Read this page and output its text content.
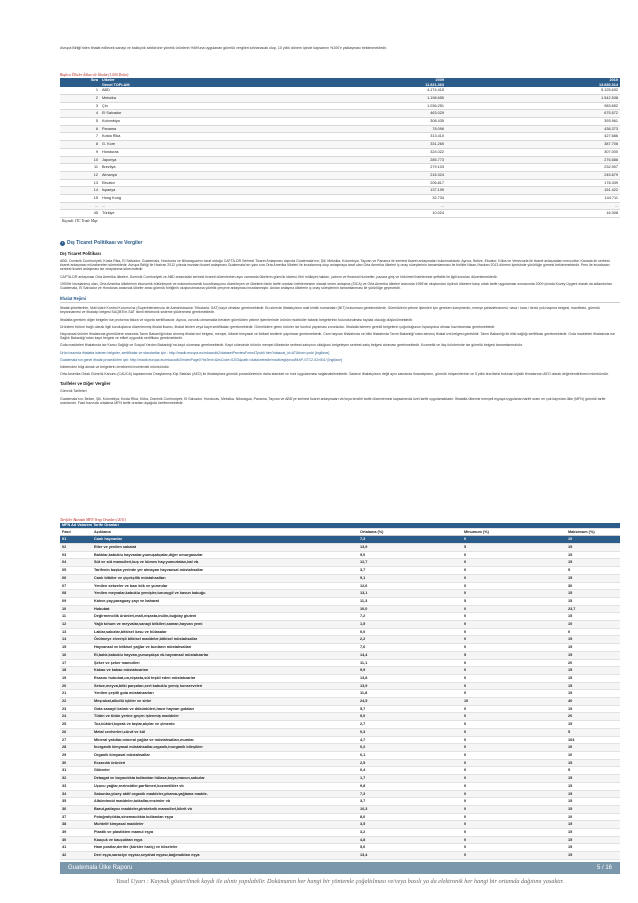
Avrupa Birliği'nden ithalat edilecek sanayi ve balıkçılık sektörüne yönelik ürünlerin %69'una uygulanan gümrük vergileri sıfırlanacak olup, 10 yıllık dönem içinde kapsamın %100'e yaklaşması beklenmektedir.

Başlıca Ülkeler İtibarı ile İthalat (1.000 Dolar)
Sıra	Ülkeler	2009	2010
	Genel TOPLAM	11.521.363	13.830.314
1	ABD	4.174.415	5.125.632
2	Meksika	1.198.655	1.542.538
3	Çin	1.036.251	983.652
4	El Salvador	463.029	675.572
5	Kolombiya	308.435	393.961
6	Panama	78.096	438.373
7	Kosta Rika	313.410	427.686
8	G. Kore	331.265	387.706
9	Honduras	324.022	307.000
10	Japonya	285.773	276.586
11	Brezilya	279.103	232.907
12	Almanya	216.324	245.679
13	Ekvator	206.817	178.339
14	İspanya	137.195	151.422
15	Hong Kong	32.734	144.711
...	...	...	...
45	Türkiye	10.024	16.308
Kaynak: ITC Trade Map			
› Dış Ticaret Politikası ve Vergiler
Dış Ticaret Politikası

ABD, Dominik Cumhuriyeti, Kosta Rika, El Salvador, Guatemala, Honduras ve Nikaragua'nın taraf olduğu CAFTA-DR Serbest Ticaret Anlaşması dışında Guatemala'nın; Şili, Meksika, Kolombiya, Tayvan ve Panama ile serbest ticaret anlaşmaları bulunmaktadır. Ayrıca, Belize, Ekvator, Küba ve Venezuela ile ticaret anlaşmaları mevcuttur. Kanada ile serbest ticaret anlaşması müzakereleri sürmektedir. Avrupa Birliği ile Haziran 2012 yılında imzalan ticaret anlaşması Guatemala'nın yanı sıra Orta Amerika ülkeleri ile imzalanmış olup anlaşmaya taraf olan Orta Amerika ülkeleri iç onay süreçlerinin tamamlanması ile birlikte Nisan-Haziran 2013 dönemi içerisinde yürürlüğe girmesi beklenmektedir. Peru ile imzalanan serbest ticaret anlaşması ise onaylanma sürecindedir.

CAFTA-DR anlaşması Orta Amerika ülkeleri, Dominik Cumhuriyeti ve ABD arasındaki serbest ticareti düzenlerken aynı zamanda ülkelerin gümrük idaresi, fikri mülkiyet hakları, yatırım ve finansal hizmetler, pazara giriş ve hükümet ihalelerinde şeffaflık ile ilgili konuları düzenlemektedir.

1993'te imzalanmış olan, Orta Amerika ülkelerinin ekonomik bütünleşme ve makroekonomik koordinasyonu düzenleyen ve ülkelerin farklı tarife oranları belirlemesine olanak veren anlaşma (SICA) ve Orta Amerika ülkeleri arasında 1998'de oluşturulan üçüncü ülkelere karşı ortak tarife uygulaması sonrasında 2009 yılında Kuzey Üçgeni olarak da adlandırılan Guatemala, El Salvador ve Honduras arasında ülkeler arası gümrük birliğinin oluşturulmasına yönelik çerçeve anlaşması imzalanmıştır. Anılan anlaşma ülkelerin iç onay süreçlerinin tamamlanması ile yürürlüğe geçecektir.

İthalat Rejimi

İthalat şirketlerinin, Mali İdare Kontrol Kurumu'na (Superintendencia de Administración Tributaria, SAT) kayıt olmaları gerekmektedir. Bu sürecte ithalatçıların mali kimlik numaraları (NIT) bulunması gerekmektedir. Gümrüklerin çekme işlemleri için gereken konşimento, menşe şahadetnamesi, hava / kara / deniz yolu taşıma belgesi, manifesto, gümrük beyannamesi ve ithalatçı belgesi SAQB'E/e-SAT isimli elektronik sisteme yüklenmesi gerekmektedir.

İthalatta gereken diğer belgeler ise proforma fatura ve sigorta sertifikasıdır. Ayrıca, zorunlu olmamakla beraber gümrükten çekme işlemlerinde ürünün moleküler tabanlı belgelerinin bulundurulması faydalı olacağı düşünülmektedir.

Ürünlerin türüne bağlı olarak ilgili kuruluşlarca düzenlenmiş ithalat lisansı, ithalat izinleri veya kayıt sertifikaları gerekmektedir. Gümrüklere gelen ürünler ise kontrol yapılması zorunludur. İthalatta istenen gerekli belgelerin çoğunluğunun İspanyolca olması hazırlanması gerekmektedir.

Hayvansal ürünler ithalatında gümrüklere arasında Tarım Bakanlığı'ndan alınmış ithalat izni belgesi, menşei, ülkede kimyasal ve fiziksel testlerin yapılması gerekmektedir. Cam hayvan ithalatında ve bitki ithalatında Tarım Bakanlığı'ndan alınmış ithalat izni belgesi gereklidir. Tarım Bakanlığı ile bitki sağlığı sertifikası gerekmektedir. Gıda maddeleri ithalatında ise Sağlık Bakanlığı'ndan kayıt belgesi ve etiket uygunluk sertifikası gerekmektedir.

Gıda maddeleri ithalatında ise Kamu Sağlığı ve Sosyal Yardım Bakanlığı'na kayıt olunması gerekmektedir. Kayıt sürecinde ürünün menşei ülkesinde serbest satışının olduğunu belgeleyen serbest satış belgesi alınması gerekmektedir. Kozmetik ve ilaç ürünlerinde ise gümrük belgesi tamamlanmalıdır.

Ürün bazında ithalatta istenen belgeler, sertifikalar ve standartlar için : http://madb.europa.eu/mkaccdb2/datasetPreviewFormATpubli.htm?datacat_id=AT&from=publ [ingilizce]

Guatemala'nın genel ithalat prosedürleri için: http://madb.europa.eu/mkaccdb2/indexPage0?hsText=&hsCode=0203&path=/data/website/madb/egt/prod/MAP-GT12-02v001/ [İngilizce]

İnklerinden bilgi almak ve belgelerin örneklerini incelemek mümkündür.

Orta Amerika Ortak Gümrük Kanunu (CAUCA) kapsamında Onaylanmış Kişi Statüsü (AEO) ile ithalatçılara gümrük prosedürlerinin daha standart ve hızlı uygulanması sağlanabilmektedir. Sadece ithalatçıların değil aynı zamanda ihracatçıların, gümrük müşavirlerinin ve 5 yıllık tecrübesi bulunan lojistik firmalarının AEO olarak değerlendirilmesi mümkündür.

Tarifeler ve Diğer Vergiler

Gümrük Tarifeleri

Guatemala'nın; Belize, Şili, Kolombiya, Kosta Rika, Küba, Dominik Cumhuriyeti, El Salvador, Honduras, Meksika, Nikaragua, Panama, Tayvan ve ABD'ye serbest ticaret anlaşmaları ve/veya tercihli tarife düzenlemesi kapsamında özel tarife uygulamaktadır. İthalatta ülkemiz menşeli eşyaya uygulanan tarife oranı en çok kayırılan ülke (MFN) gümrük tarife oranlarıdır. Fasıl bazında ortalama MFN tarife oranları aşağıda özetlenmektedir:

Tarifeler Bazında MFN Vergi Oranları (2011)
MFN Ad Valorem Tarife Oranları				
Fasıl	Açıklama	Ortalama (%)	Minumum (%)	Maksimum (%)
01	Canlı hayvanlar	7,3	0	10
02	Etler ve yenilen sakatat	13,9	5	15
03	Balıklar,kabuklu hayvanlar,yumuşakçalar,diğer omurgasızlar	9,0	0	15
04	Süt ve süt mamulleri,kuş ve kümes hay.yumurtaları,bal vb.	12,7	0	15
05	Tarifenin başka yerinde yer almayan hayvansal müstahsallar	3,7	0	5
06	Canlı bitkiler ve çiçekçilik müstahsalları	9,1	0	15
07	Yenilen sebzeler ve bazı kök ve yumrular	12,6	0	30
08	Yenilen meyvalar,kabuklu yemişler,turunçgil ve kavun kabuğu	13,1	0	15
09	Kahve,çay,paraguay çayı ve baharat	11,3	5	15
10	Hububat	10,0	0	23,7
11	Değirmencilik ürünleri,malt,nişasta,inülin,buğday gluteni	7,2	0	15
12	Yağlı tohum ve meyvalar,sanayi bitkileri,saman,hayvan yemi	1,5	0	10
13	Laklar,sakızlar,bitkisel özsu ve hülasalar	0,0	0	0
14	Örülmeye elverişli bitkisel maddeler,bitkisel müstahsallar	2,2	0	15
15	Hayvansal ve bitkisel yağlar ve bunların müstahsalları	7,6	0	15
16	Et,balık,kabuklu hayvan,yumuşakça vb.hayvansal müstahzarlar	14,4	5	15
17	Şeker ve şeker mamulleri	11,1	0	20
18	Kakao ve kakao müstahzarları	9,9	0	15
19	Esasını hububat,un,nişasta,süt teşkil eden müstahzarlar	13,8	0	15
20	Sebze,meyva,bitki parçaları,sert kabuklu yemiş konserveleri	13,9	0	15
21	Yenilen çeşitli gıda müstahzarları	11,8	0	15
22	Meşrubat,alkollü içkiler ve sirke	24,5	10	40
23	Gıda sanayii kalıntı ve döküntüleri,hazır hayvan gıdaları	5,7	0	15
24	Tütün ve tütün yerine geçen işlenmiş maddeler	9,0	0	20
25	Tuz,kükürt,toprak ve taşlar,alçılar ve çimento	2,7	0	15
26	Metal cevherleri,cüruf ve kül	0,3	0	5
27	Mineral yakıtlar,mineral yağlar ve müstahsalları,mumlar	4,7	0	104
28	İnorganik kimyasal müstahsallar,organik,inorganik bileşikler	0,2	0	10
29	Organik kimyasal müstahsallar	0,1	0	10
30	Eczacılık ürünleri	2,5	0	15
31	Gübreler	0,4	0	5
32	Debagat ve boyacılıkta kullanılan hülasa,boya,macun,sakızlar	1,7	0	15
33	Uçucu yağlar,rezinoidler,parfümeri,kozmetikler vb	9,8	0	15
34	Sabunlar,yüzey aktif organik maddeler,yıkama-yağlama madde.	7,3	0	15
35	Albüminoid maddeler,tutkallar,enzimler vb	3,7	0	15
36	Barut,patlayıcı maddeler,piroteknik mamulleri,kibrit vb	10,3	0	15
37	Fotoğrafçılıkta,sinemacılıkta kullanılan eşya	8,0	0	10
38	Muhtelif kimyasal maddeler	3,5	0	15
39	Plastik ve plastikten mamul eşya	3,2	0	15
40	Kauçuk ve kauçuktan eşya	4,8	0	15
41	Ham postlar,deriler (kürkler hariç) ve köseleler	5,6	0	15
42	Deri eşya,saraciye eşyası,seyahat eşyası,bağırsaktan eşya	13,4	0	15
Guatemala Ülke Raporu	5 / 16
Yasal Uyarı : Kaynak gösterilmek kaydı ile alıntı yapılabilir. Dokümanın her hangi bir yöntemle çoğaltılması ve/veya basılı ya da elektronik her hangi bir ortamda dağıtımı yasaktır.
